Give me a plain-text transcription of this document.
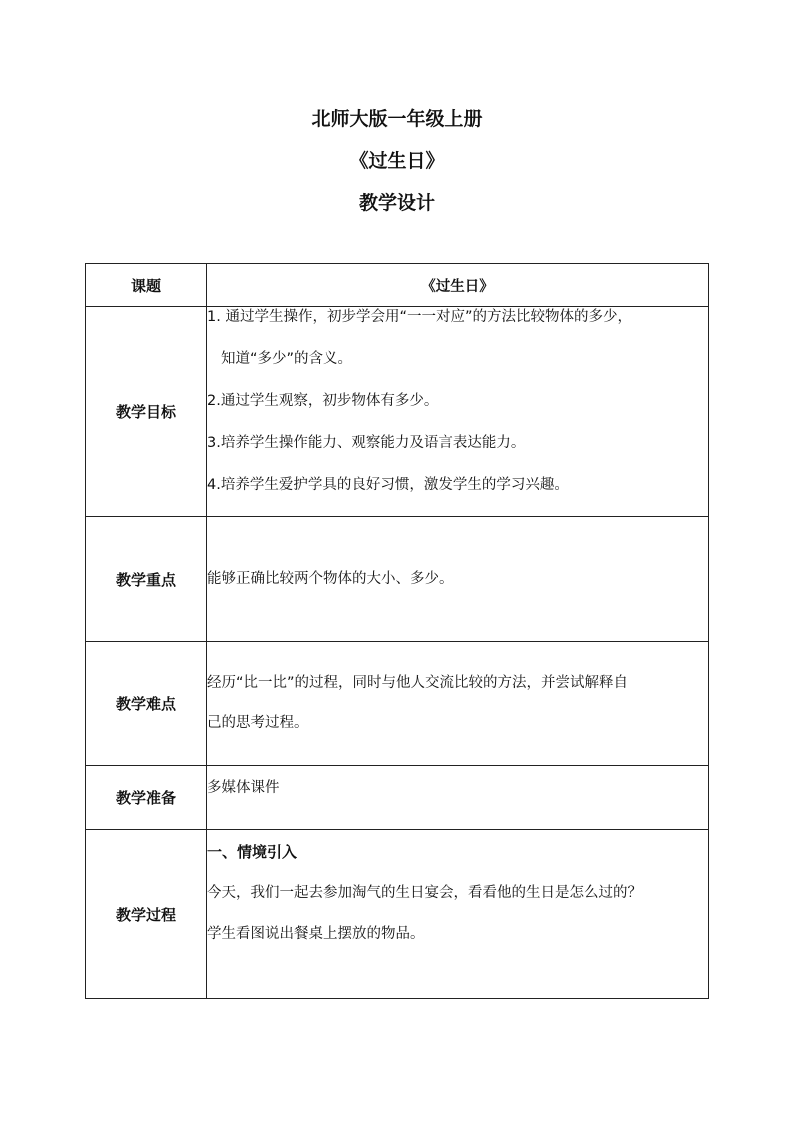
北师大版一年级上册
《过生日》
教学设计
课题	《过生日》
教学目标	1. 通过学生操作，初步学会用“一一对应”的方法比较物体的多少，

知道“多少”的含义。

2.通过学生观察，初步物体有多少。

3.培养学生操作能力、观察能力及语言表达能力。

4.培养学生爱护学具的良好习惯，激发学生的学习兴趣。

教学重点	能够正确比较两个物体的大小、多少。

教学难点	经历“比一比”的过程，同时与他人交流比较的方法，并尝试解释自

己的思考过程。

教学准备	多媒体课件

教学过程	一、情境引入

今天，我们一起去参加淘气的生日宴会，看看他的生日是怎么过的？

学生看图说出餐桌上摆放的物品。
